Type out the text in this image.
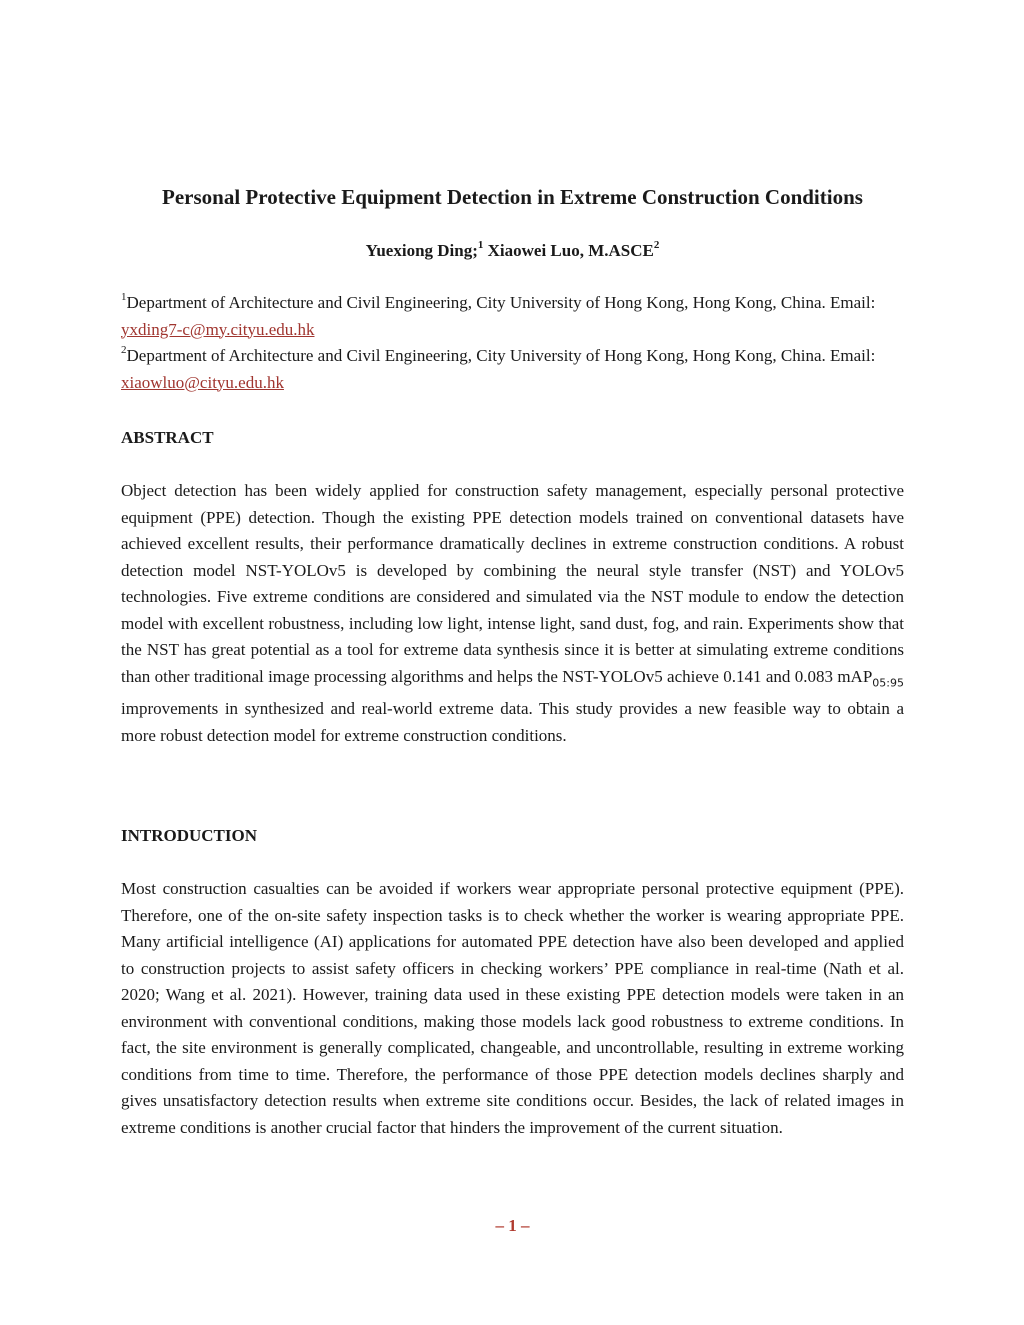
Personal Protective Equipment Detection in Extreme Construction Conditions
Yuexiong Ding;$^1$ Xiaowei Luo, M.ASCE$^2$

$^1$Department of Architecture and Civil Engineering, City University of Hong Kong, Hong Kong, China. Email: yxding7-c@my.cityu.edu.hk

$^2$Department of Architecture and Civil Engineering, City University of Hong Kong, Hong Kong, China. Email: xiaowluo@cityu.edu.hk

ABSTRACT

Object detection has been widely applied for construction safety management, especially personal protective equipment (PPE) detection. Though the existing PPE detection models trained on conventional datasets have achieved excellent results, their performance dramatically declines in extreme construction conditions. A robust detection model NST-YOLOv5 is developed by combining the neural style transfer (NST) and YOLOv5 technologies. Five extreme conditions are considered and simulated via the NST module to endow the detection model with excellent robustness, including low light, intense light, sand dust, fog, and rain. Experiments show that the NST has great potential as a tool for extreme data synthesis since it is better at simulating extreme conditions than other traditional image processing algorithms and helps the NST-YOLOv5 achieve 0.141 and 0.083 mAP$_{05:95}$ improvements in synthesized and real-world extreme data. This study provides a new feasible way to obtain a more robust detection model for extreme construction conditions.

INTRODUCTION

Most construction casualties can be avoided if workers wear appropriate personal protective equipment (PPE). Therefore, one of the on-site safety inspection tasks is to check whether the worker is wearing appropriate PPE. Many artificial intelligence (AI) applications for automated PPE detection have also been developed and applied to construction projects to assist safety officers in checking workers’ PPE compliance in real-time (Nath et al. 2020; Wang et al. 2021). However, training data used in these existing PPE detection models were taken in an environment with conventional conditions, making those models lack good robustness to extreme conditions. In fact, the site environment is generally complicated, changeable, and uncontrollable, resulting in extreme working conditions from time to time. Therefore, the performance of those PPE detection models declines sharply and gives unsatisfactory detection results when extreme site conditions occur. Besides, the lack of related images in extreme conditions is another crucial factor that hinders the improvement of the current situation.

– 1 –
